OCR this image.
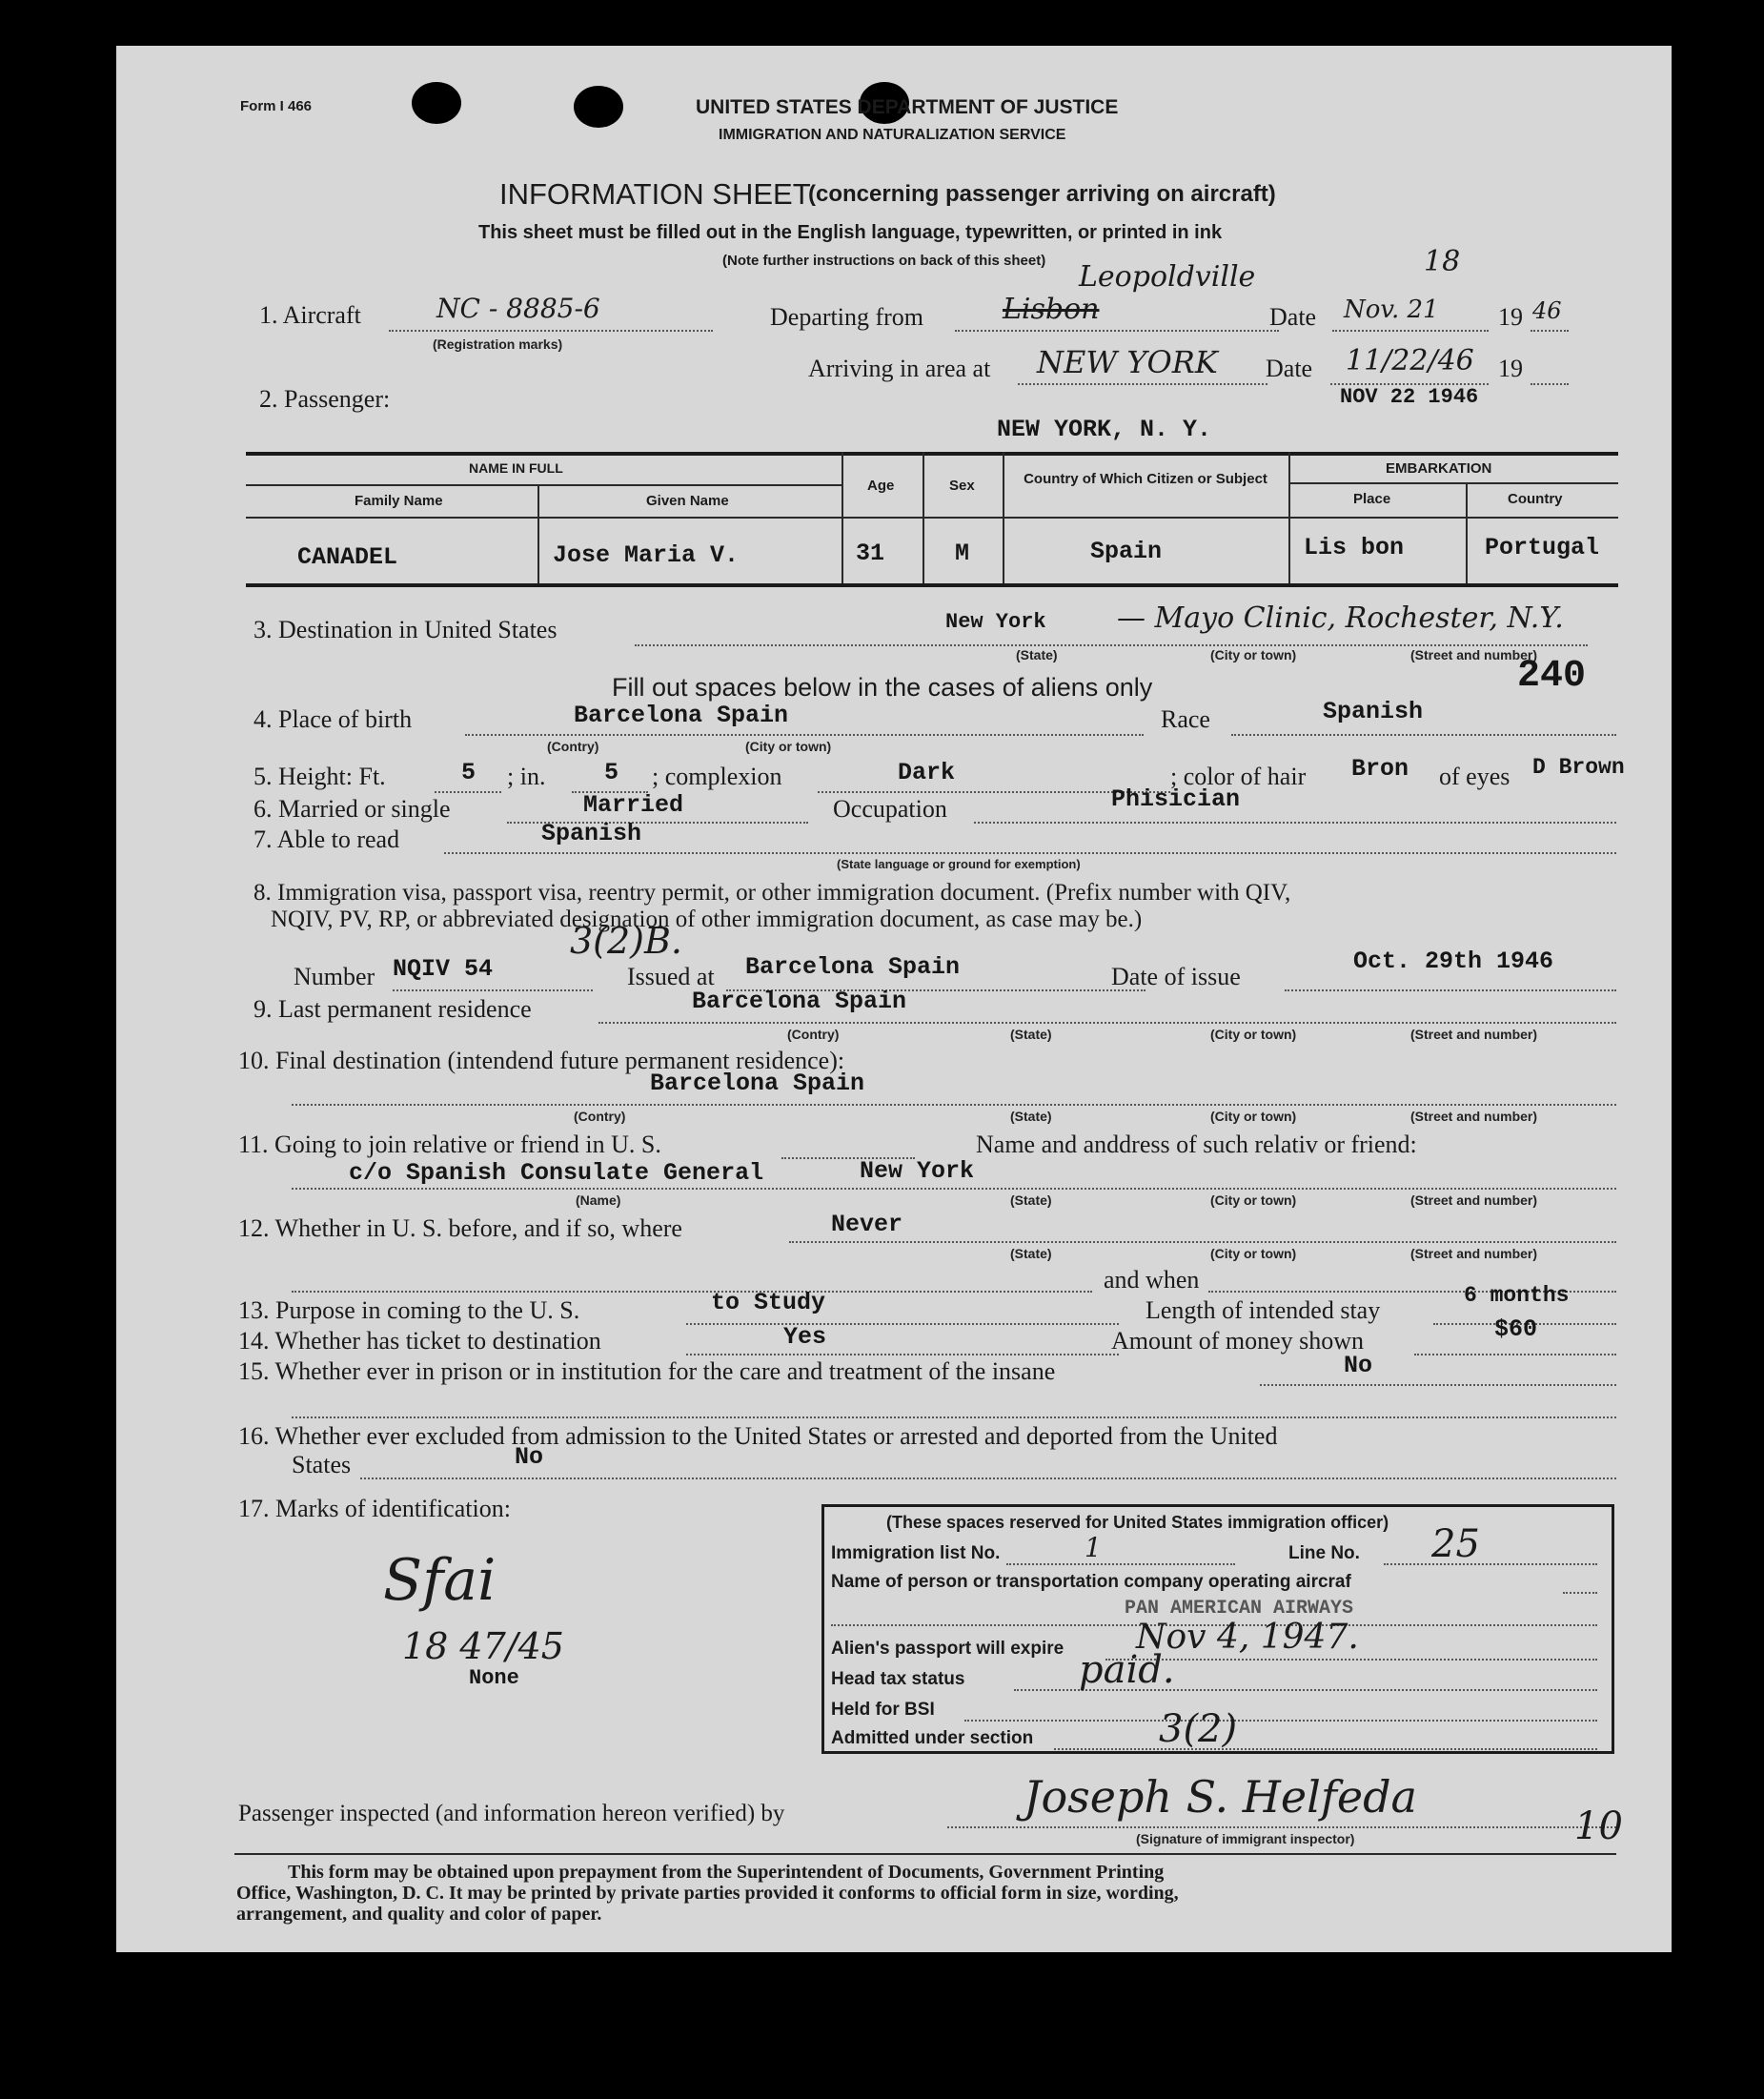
Form I 466	UNITED STATES DEPARTMENT OF JUSTICE
IMMIGRATION AND NATURALIZATION SERVICE
INFORMATION SHEET
(concerning passenger arriving on aircraft)
This sheet must be filled out in the English language, typewritten, or printed in ink
(Note further instructions on back of this sheet)
1. Aircraft	NC - 8885-6
(Registration marks)
Departing from	Lisbon
Leopoldville
Date Nov. 21
18
19 46
Arriving in area at NEW YORK Date 11/22/46 19
NOV 22 1946
2. Passenger:
NEW YORK, N. Y.
NAME IN FULL
Family Name	Given Name
Age	Sex	Country of Which Citizen or Subject
EMBARKATION
Place	Country
CANADEL	Jose Maria V.	31	M	Spain	Lis bon	Portugal
3. Destination in United States	New York — Mayo Clinic, Rochester, N.Y.
(State)	(City or town)	(Street and number)
240
Fill out spaces below in the cases of aliens only
4. Place of birth	Barcelona Spain
(Contry)	(City or town)
Race	Spanish
5. Height: Ft.	5 ; in. 5 ; complexion	Dark	; color of hair Bron of eyes D Brown
6. Married or single	Married	Occupation	Phisician
7. Able to read	Spanish
(State language or ground for exemption)
8. Immigration visa, passport visa, reentry permit, or other immigration document. (Prefix number with QIV,
NQIV, PV, RP, or abbreviated designation of other immigration document, as case may be.)
Number NQIV 54
3(2)B.
Issued at Barcelona Spain	Date of issue
Oct. 29th 1946
9. Last permanent residence	Barcelona Spain
(Contry)	(State)	(City or town)	(Street and number)
10. Final destination (intendend future permanent residence):
Barcelona Spain
(Contry)	(State)	(City or town)	(Street and number)
11. Going to join relative or friend in U. S.	Name and anddress of such relativ or friend:
c/o Spanish Consulate General	New York
(Name)	(State)	(City or town)	(Street and number)
12. Whether in U. S. before, and if so, where	Never
(State)	(City or town)	(Street and number)
and when
13. Purpose in coming to the U. S.	to Study	Length of intended stay
6 months
14. Whether has ticket to destination	Yes	Amount of money shown	$60
15. Whether ever in prison or in institution for the care and treatment of the insane	No
16. Whether ever excluded from admission to the United States or arrested and deported from the United
States	No
17. Marks of identification:
Sfai
18 47/45
None
(These spaces reserved for United States immigration officer)
Immigration list No.	1	Line No. 25
Name of person or transportation company operating aircraf
PAN AMERICAN AIRWAYS
Alien's passport will expire Nov 4, 1947.
Head tax status	paid.
Held for BSI
Admitted under section	3(2)
Passenger inspected (and information hereon verified) by	Joseph S. Helfeda
(Signature of immigrant inspector)	10
This form may be obtained upon prepayment from the Superintendent of Documents, Government Printing
Office, Washington, D. C. It may be printed by private parties provided it conforms to official form in size, wording,
arrangement, and quality and color of paper.
